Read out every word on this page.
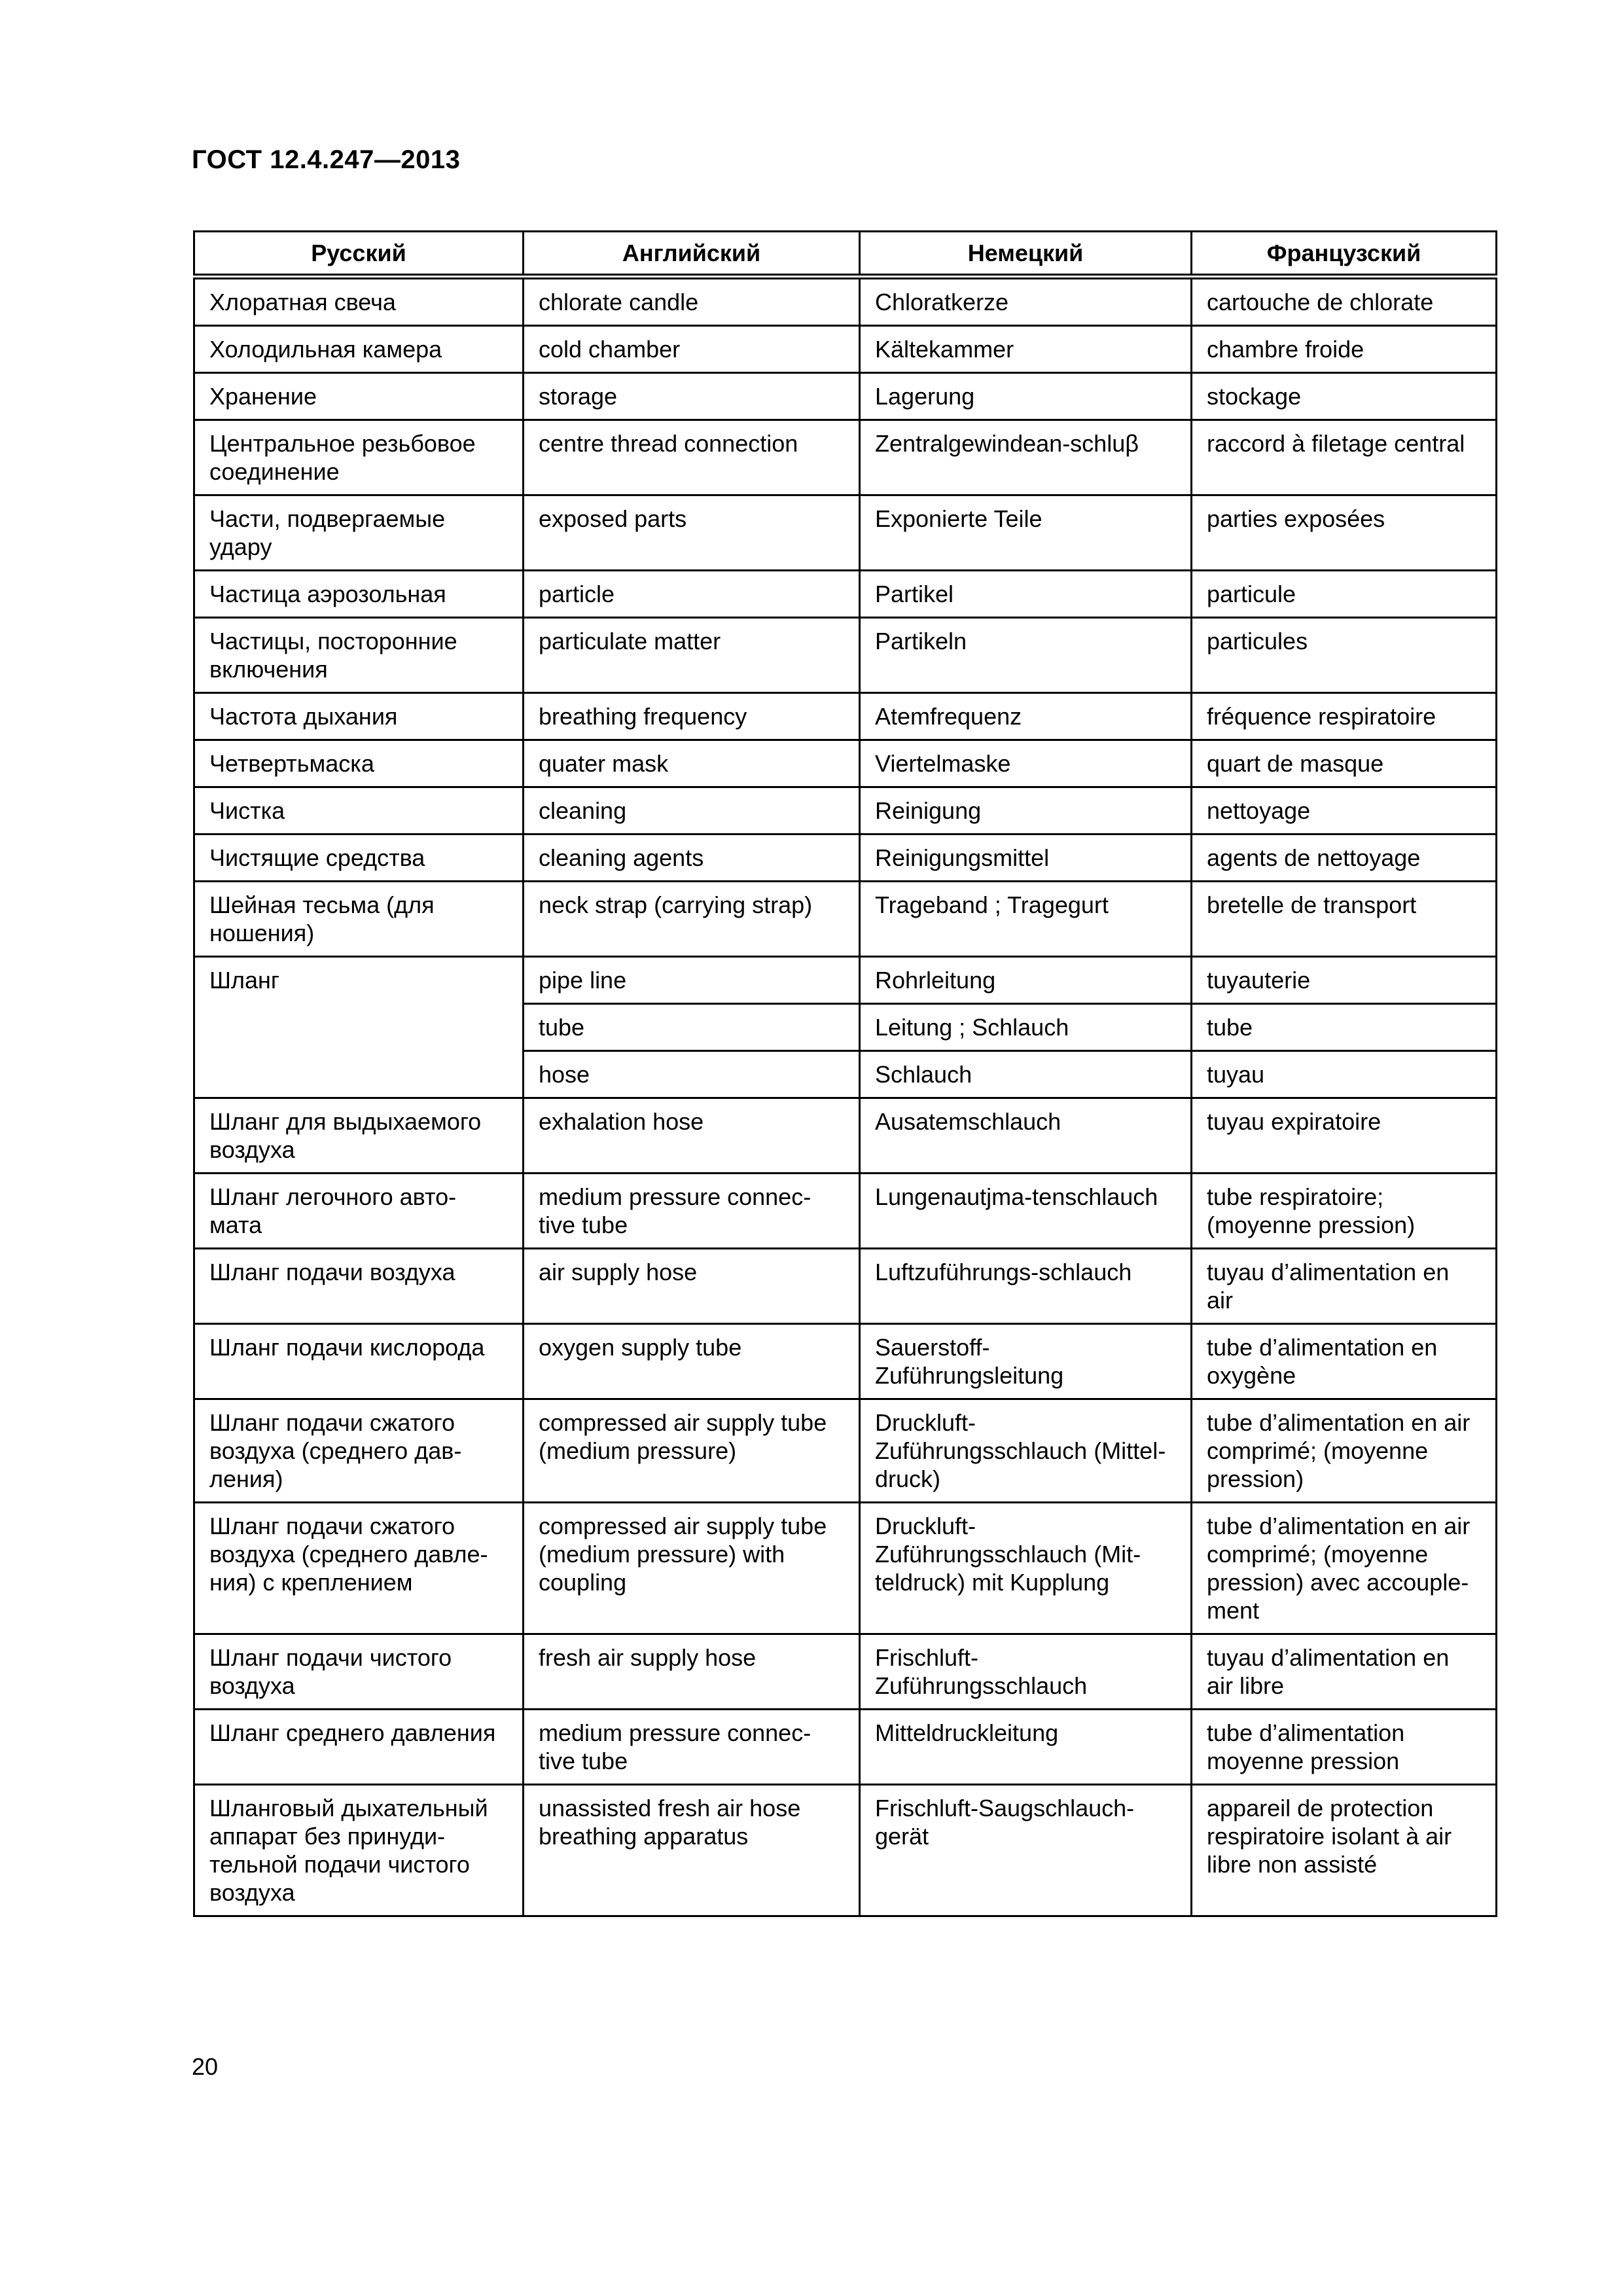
ГОСТ 12.4.247—2013
Русский	Английский	Немецкий	Французский
Хлоратная свеча	chlorate candle	Chloratkerze	cartouche de chlorate
Холодильная камера	cold chamber	Kältekammer	chambre froide
Хранение	storage	Lagerung	stockage
Центральное резьбовое соединение	centre thread connection	Zentralgewindean-schluβ	raccord à filetage central
Части, подвергаемые удару	exposed parts	Exponierte Teile	parties exposées
Частица аэрозольная	particle	Partikel	particule
Частицы, посторонние включения	particulate matter	Partikeln	particules
Частота дыхания	breathing frequency	Atemfrequenz	fréquence respiratoire
Четвертьмаска	quater mask	Viertelmaske	quart de masque
Чистка	cleaning	Reinigung	nettoyage
Чистящие средства	cleaning agents	Reinigungsmittel	agents de nettoyage
Шейная тесьма (для ношения)	neck strap (carrying strap)	Trageband ; Tragegurt	bretelle de transport
Шланг	pipe line	Rohrleitung	tuyauterie
	tube	Leitung ; Schlauch	tube
	hose	Schlauch	tuyau
Шланг для выдыхаемого воздуха	exhalation hose	Ausatemschlauch	tuyau expiratoire
Шланг легочного авто-мата	medium pressure connec-tive tube	Lungenautjma-tenschlauch	tube respiratoire; (moyenne pression)
Шланг подачи воздуха	air supply hose	Luftzuführungs-schlauch	tuyau d’alimentation en air
Шланг подачи кислорода	oxygen supply tube	Sauerstoff-Zuführungsleitung	tube d’alimentation en oxygène
Шланг подачи сжатого воздуха (среднего дав-ления)	compressed air supply tube (medium pressure)	Druckluft-Zuführungsschlauch (Mittel-druck)	tube d’alimentation en air comprimé; (moyenne pression)
Шланг подачи сжатого воздуха (среднего давле-ния) с креплением	compressed air supply tube (medium pressure) with coupling	Druckluft-Zuführungsschlauch (Mit-teldruck) mit Kupplung	tube d’alimentation en air comprimé; (moyenne pression) avec accouple-ment
Шланг подачи чистого воздуха	fresh air supply hose	Frischluft-Zuführungsschlauch	tuyau d’alimentation en air libre
Шланг среднего давления	medium pressure connec-tive tube	Mitteldruckleitung	tube d’alimentation moyenne pression
Шланговый дыхательный аппарат без принуди-тельной подачи чистого воздуха	unassisted fresh air hose breathing apparatus	Frischluft-Saugschlauch-gerät	appareil de protection respiratoire isolant à air libre non assisté
20
